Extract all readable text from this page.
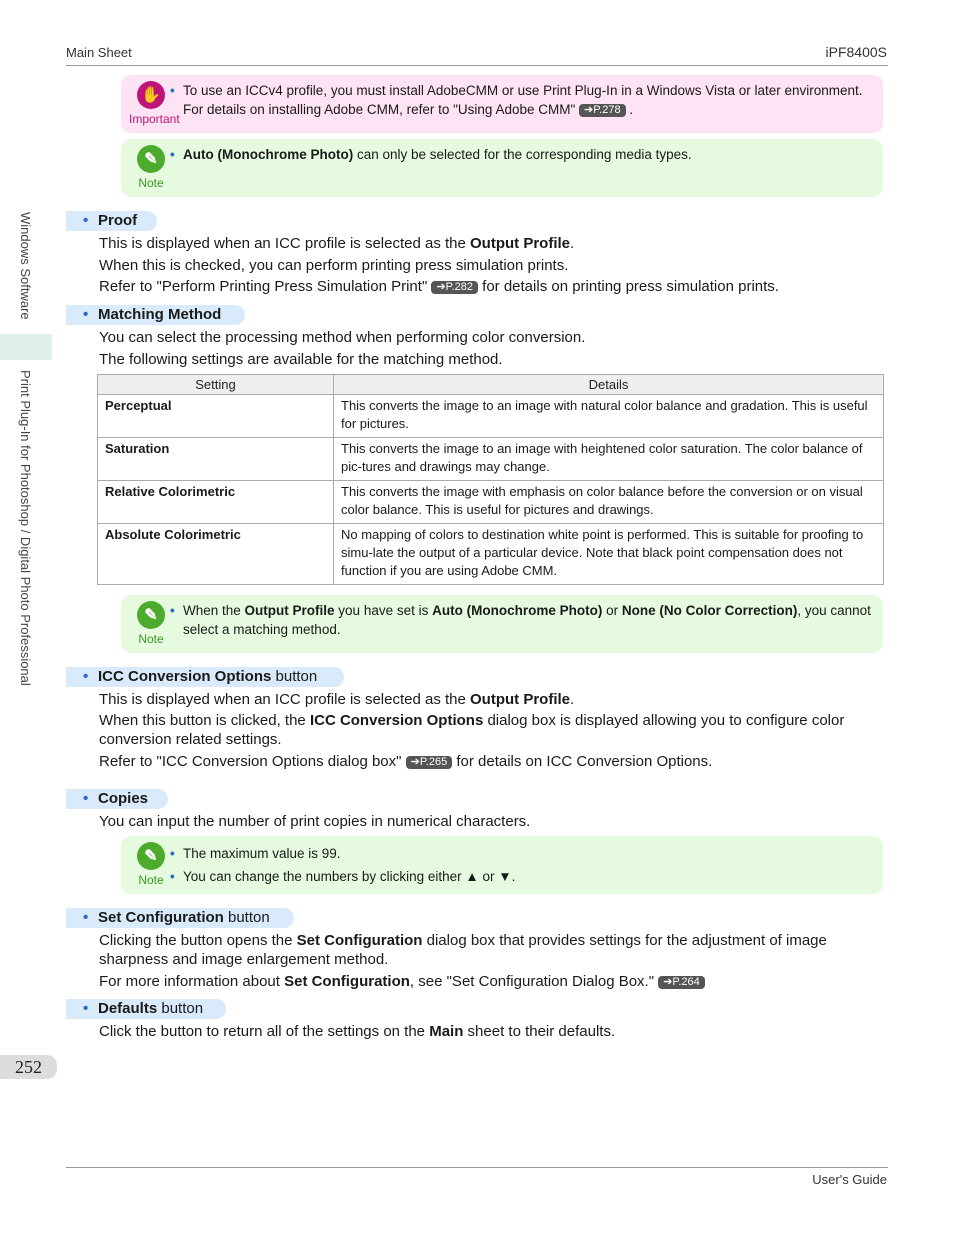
Main Sheet	iPF8400S
Windows Software
Print Plug-In for Photoshop / Digital Photo Professional
✋
Important
• To use an ICCv4 profile, you must install AdobeCMM or use Print Plug-In in a Windows Vista or later environment. For details on installing Adobe CMM, refer to "Using Adobe CMM" ➔P.278 .
✎
Note
• Auto (Monochrome Photo) can only be selected for the corresponding media types.
• Proof
This is displayed when an ICC profile is selected as the Output Profile.
When this is checked, you can perform printing press simulation prints.
Refer to "Perform Printing Press Simulation Print" ➔P.282 for details on printing press simulation prints.
• Matching Method
You can select the processing method when performing color conversion.
The following settings are available for the matching method.
Setting	Details
Perceptual	This converts the image to an image with natural color balance and gradation. This is useful for pictures.
Saturation	This converts the image to an image with heightened color saturation. The color balance of pic-tures and drawings may change.
Relative Colorimetric	This converts the image with emphasis on color balance before the conversion or on visual color balance. This is useful for pictures and drawings.
Absolute Colorimetric	No mapping of colors to destination white point is performed. This is suitable for proofing to simu-late the output of a particular device. Note that black point compensation does not function if you are using Adobe CMM.
✎
Note
• When the Output Profile you have set is Auto (Monochrome Photo) or None (No Color Correction), you cannot select a matching method.
• ICC Conversion Options button
This is displayed when an ICC profile is selected as the Output Profile.
When this button is clicked, the ICC Conversion Options dialog box is displayed allowing you to configure color conversion related settings.
Refer to "ICC Conversion Options dialog box" ➔P.265 for details on ICC Conversion Options.
• Copies
You can input the number of print copies in numerical characters.
✎
Note
• The maximum value is 99.
• You can change the numbers by clicking either ▲ or ▼.
• Set Configuration button
Clicking the button opens the Set Configuration dialog box that provides settings for the adjustment of image sharpness and image enlargement method.
For more information about Set Configuration, see "Set Configuration Dialog Box." ➔P.264
• Defaults button
Click the button to return all of the settings on the Main sheet to their defaults.
252
User's Guide
